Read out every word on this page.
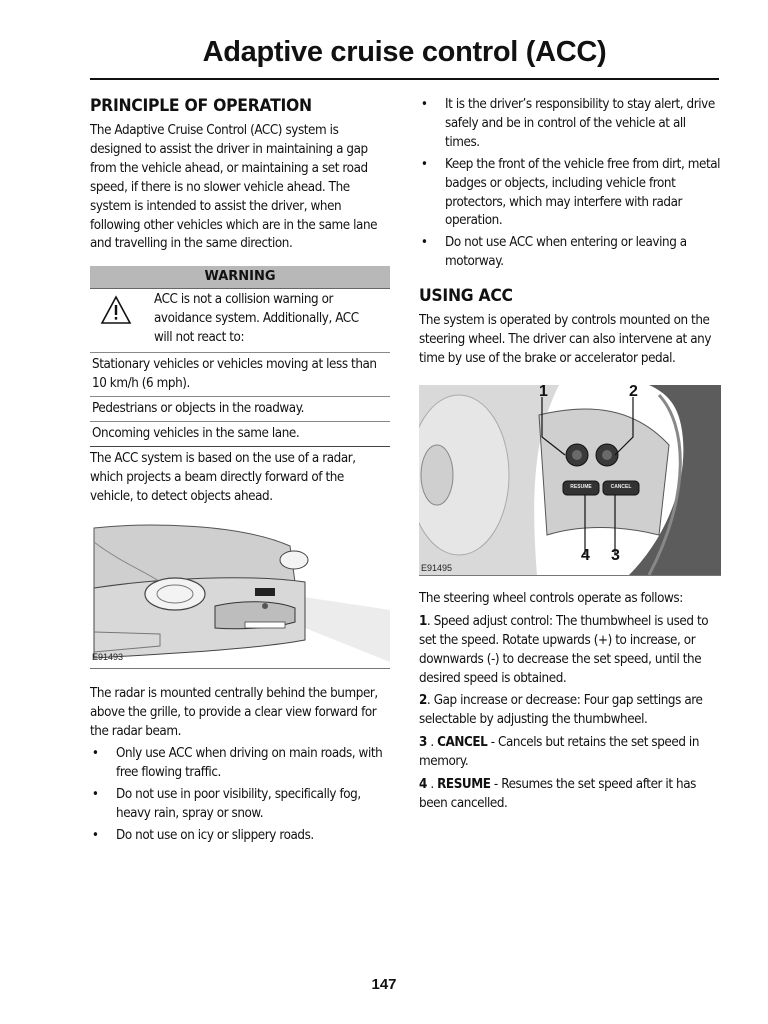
Adaptive cruise control (ACC)
PRINCIPLE OF OPERATION

The Adaptive Cruise Control (ACC) system is designed to assist the driver in maintaining a gap from the vehicle ahead, or maintaining a set road speed, if there is no slower vehicle ahead. The system is intended to assist the driver, when following other vehicles which are in the same lane and travelling in the same direction.

WARNING

ACC is not a collision warning or avoidance system. Additionally, ACC will not react to:

Stationary vehicles or vehicles moving at less than 10 km/h (6 mph).

Pedestrians or objects in the roadway.

Oncoming vehicles in the same lane.

The ACC system is based on the use of a radar, which projects a beam directly forward of the vehicle, to detect objects ahead.

E91493

The radar is mounted centrally behind the bumper, above the grille, to provide a clear view forward for the radar beam.

• Only use ACC when driving on main roads, with free flowing traffic.
• Do not use in poor visibility, specifically fog, heavy rain, spray or snow.
• Do not use on icy or slippery roads.
• It is the driver’s responsibility to stay alert, drive safely and be in control of the vehicle at all times.
• Keep the front of the vehicle free from dirt, metal badges or objects, including vehicle front protectors, which may interfere with radar operation.
• Do not use ACC when entering or leaving a motorway.
USING ACC

The system is operated by controls mounted on the steering wheel. The driver can also intervene at any time by use of the brake or accelerator pedal.

RESUME	CANCEL
1	2
4 3
E91495

The steering wheel controls operate as follows:

1. Speed adjust control: The thumbwheel is used to set the speed. Rotate upwards (+) to increase, or downwards (-) to decrease the set speed, until the desired speed is obtained.

2. Gap increase or decrease: Four gap settings are selectable by adjusting the thumbwheel.

3 . CANCEL - Cancels but retains the set speed in memory.

4 . RESUME - Resumes the set speed after it has been cancelled.

147
